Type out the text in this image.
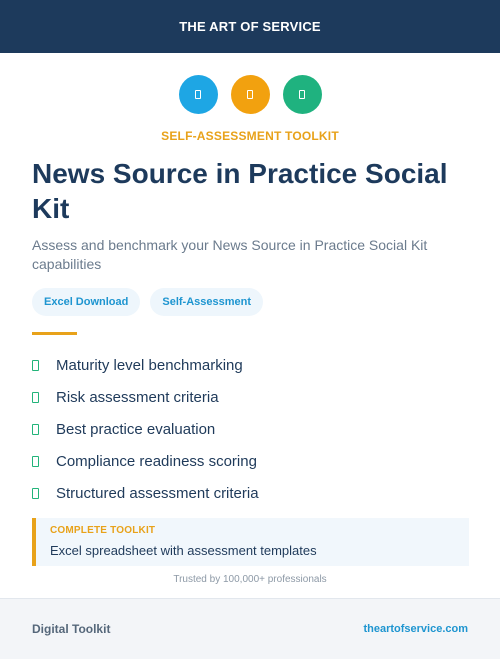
THE ART OF SERVICE
SELF-ASSESSMENT TOOLKIT
News Source in Practice Social Kit

Assess and benchmark your News Source in Practice Social Kit capabilities

Excel Download	Self-Assessment
Maturity level benchmarking
Risk assessment criteria
Best practice evaluation
Compliance readiness scoring
Structured assessment criteria
COMPLETE TOOLKIT
Excel spreadsheet with assessment templates
Trusted by 100,000+ professionals
Digital Toolkit	theartofservice.com
